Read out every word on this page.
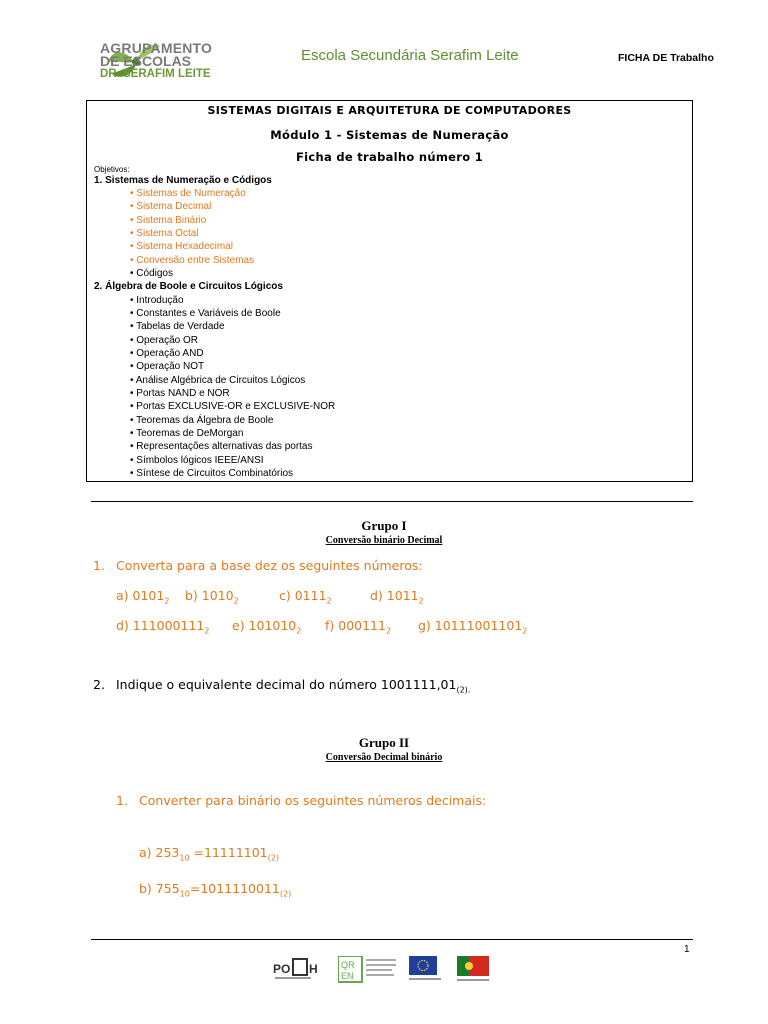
AGRUPAMENTO
DE ESCOLAS
DR. SERAFIM LEITE
Escola Secundária Serafim Leite	FICHA DE Trabalho
SISTEMAS DIGITAIS E ARQUITETURA DE COMPUTADORES
Módulo 1 - Sistemas de Numeração
Ficha de trabalho número 1
Objetivos:
1. Sistemas de Numeração e Códigos
• Sistemas de Numeração
• Sistema Decimal
• Sistema Binário
• Sistema Octal
• Sistema Hexadecimal
• Conversão entre Sistemas
• Códigos
2. Álgebra de Boole e Circuitos Lógicos
• Introdução
• Constantes e Variáveis de Boole
• Tabelas de Verdade
• Operação OR
• Operação AND
• Operação NOT
• Análise Algébrica de Circuitos Lógicos
• Portas NAND e NOR
• Portas EXCLUSIVE-OR e EXCLUSIVE-NOR
• Teoremas da Álgebra de Boole
• Teoremas de DeMorgan
• Representações alternativas das portas
• Símbolos lógicos IEEE/ANSI
• Síntese de Circuitos Combinatórios
Grupo I
Conversão binário Decimal
1. Converta para a base dez os seguintes números:
a) $0101_2$ b) $1010_2$	c) $0111_2$	d) $1011_2$
d) $111000111_2$ e) $101010_2$ f) $000111_2$ g) $10111001101_2$
2. Indique o equivalente decimal do número $1001111,01_{(2).}$
Grupo II
Conversão Decimal binário
1. Converter para binário os seguintes números decimais:
a) $253_{10} =11111101_{(2)}$
b) $755_{10}=1011110011_{(2)}$
1
PO H	QR
EN
